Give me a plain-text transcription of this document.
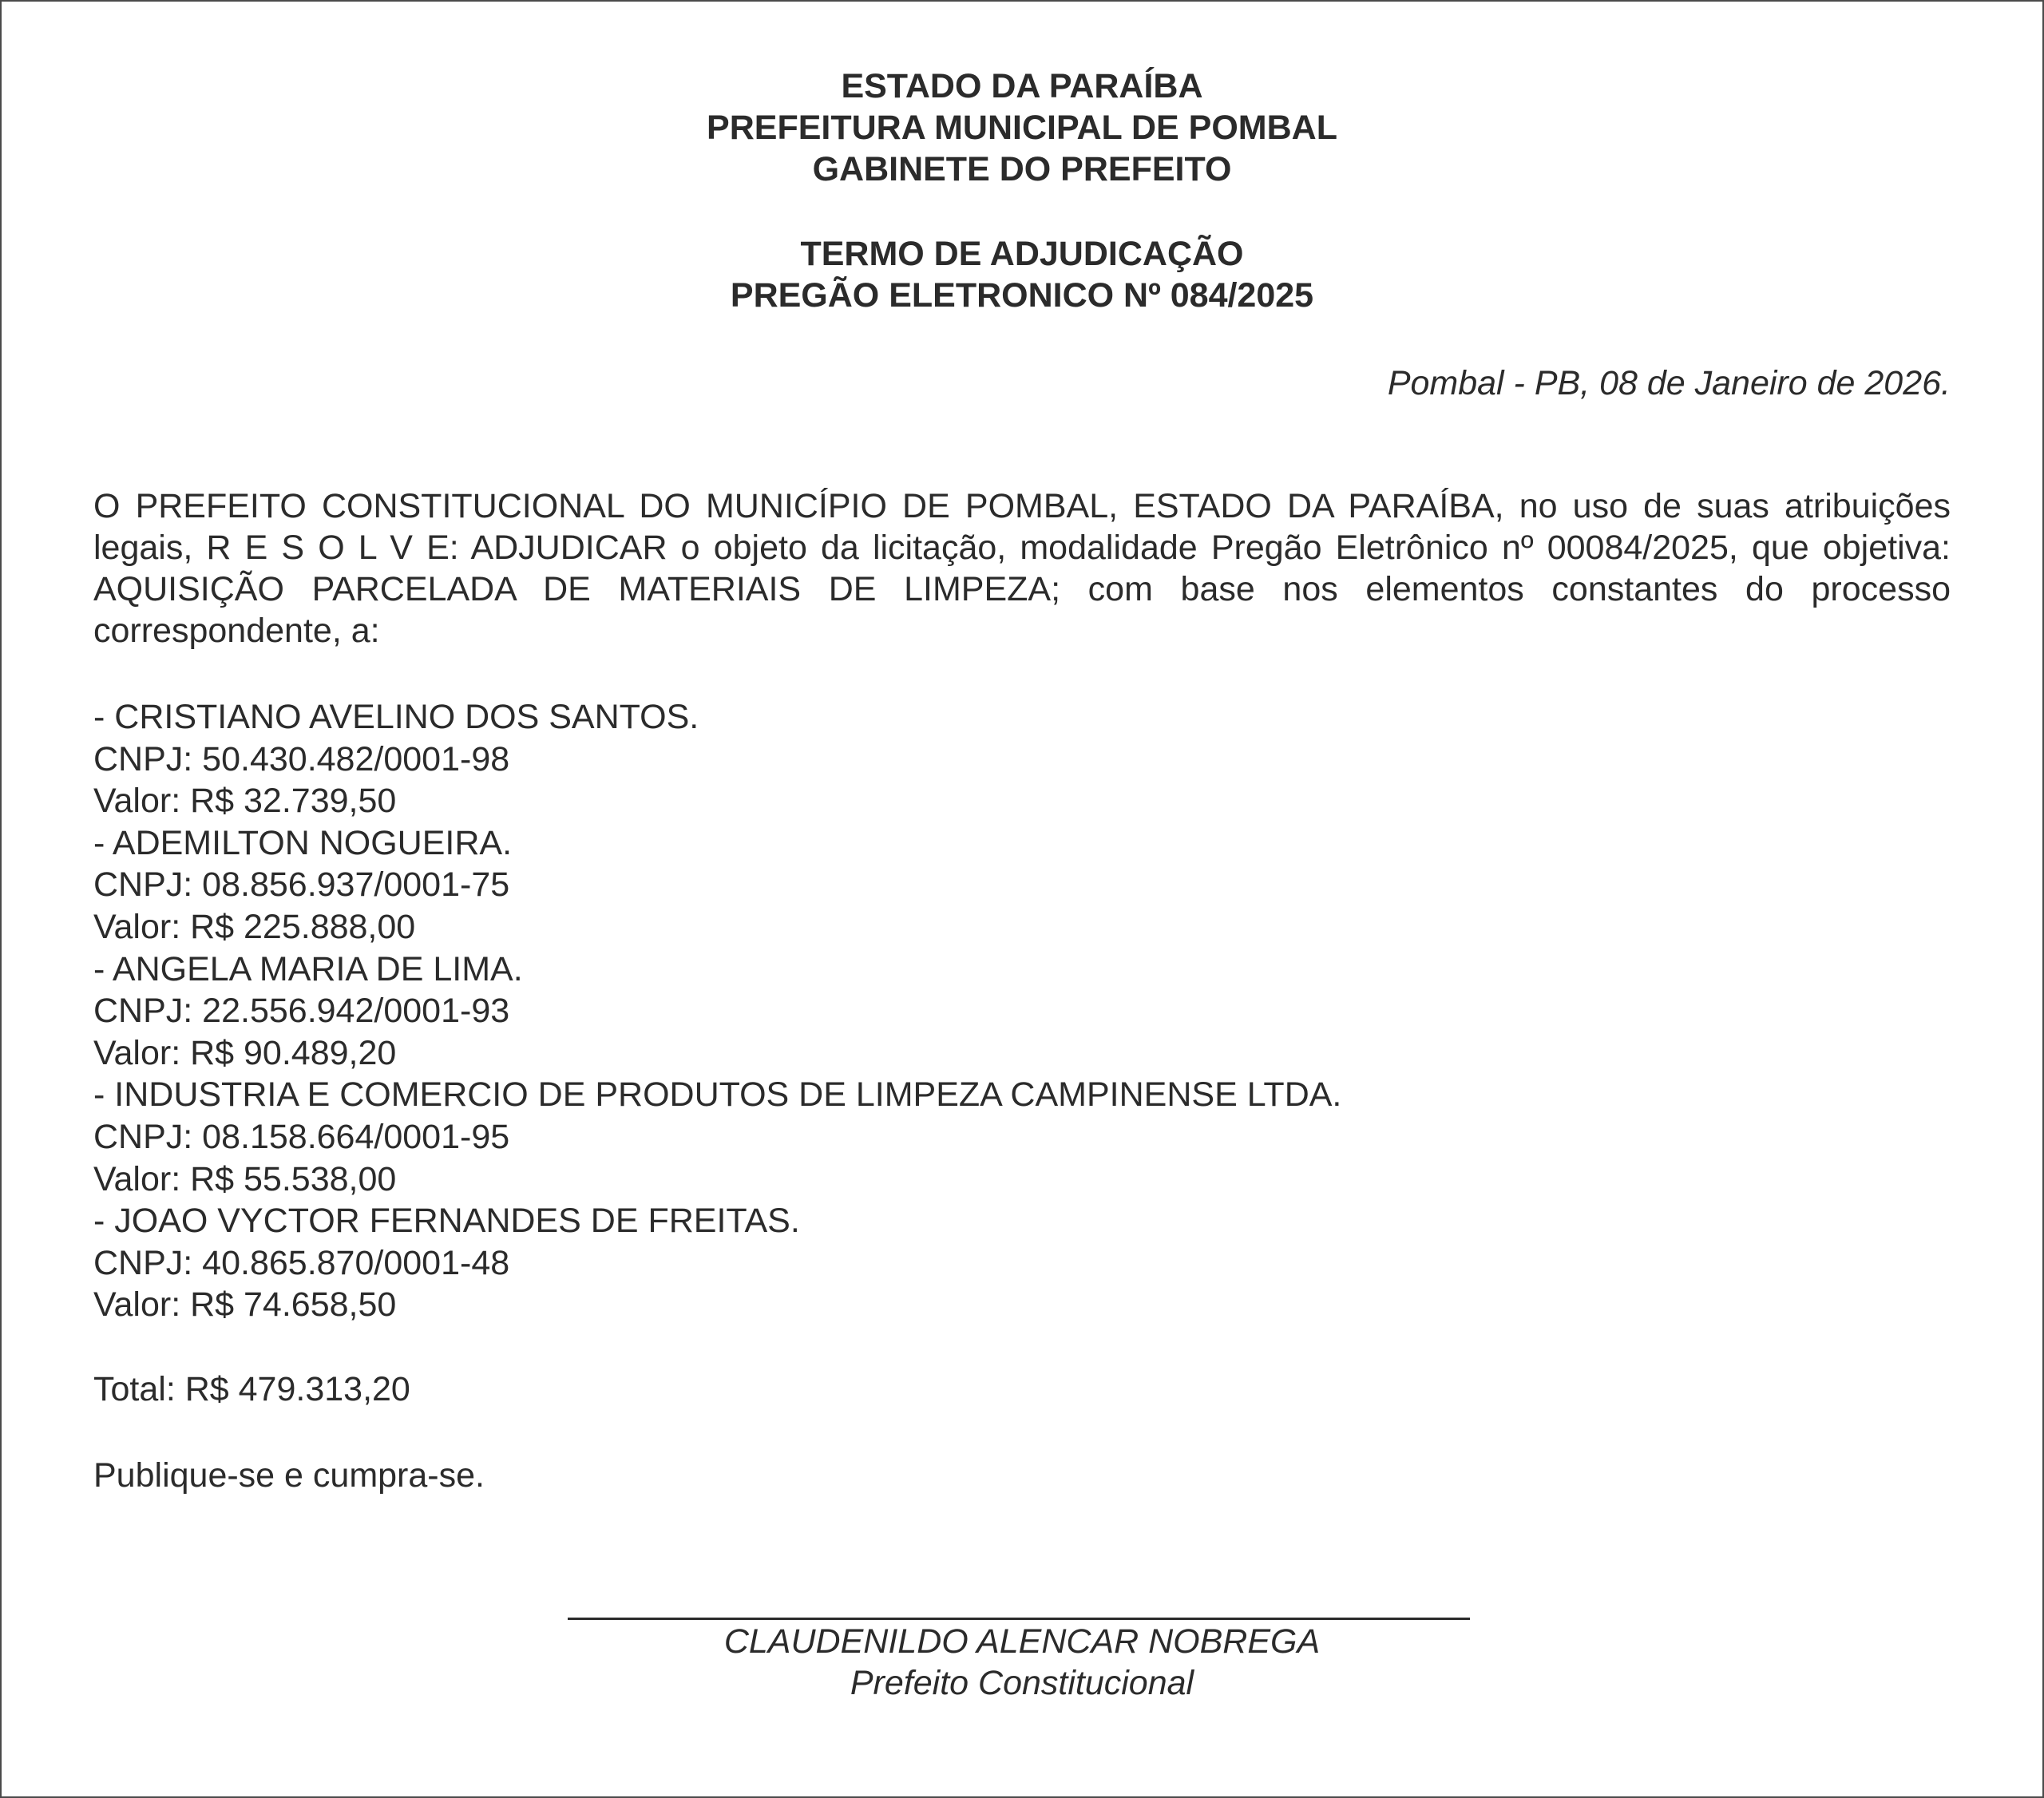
ESTADO DA PARAÍBA
PREFEITURA MUNICIPAL DE POMBAL
GABINETE DO PREFEITO
TERMO DE ADJUDICAÇÃO
PREGÃO ELETRONICO Nº 084/2025
Pombal - PB, 08 de Janeiro de 2026.
O PREFEITO CONSTITUCIONAL DO MUNICÍPIO DE POMBAL, ESTADO DA PARAÍBA, no uso de suas atribuições legais, R E S O L V E: ADJUDICAR o objeto da licitação, modalidade Pregão Eletrônico nº 00084/2025, que objetiva: AQUISIÇÃO PARCELADA DE MATERIAIS DE LIMPEZA; com base nos elementos constantes do processo correspondente, a:
- CRISTIANO AVELINO DOS SANTOS.
CNPJ: 50.430.482/0001-98
Valor: R$ 32.739,50
- ADEMILTON NOGUEIRA.
CNPJ: 08.856.937/0001-75
Valor: R$ 225.888,00
- ANGELA MARIA DE LIMA.
CNPJ: 22.556.942/0001-93
Valor: R$ 90.489,20
- INDUSTRIA E COMERCIO DE PRODUTOS DE LIMPEZA CAMPINENSE LTDA.
CNPJ: 08.158.664/0001-95
Valor: R$ 55.538,00
- JOAO VYCTOR FERNANDES DE FREITAS.
CNPJ: 40.865.870/0001-48
Valor: R$ 74.658,50
Total: R$ 479.313,20
Publique-se e cumpra-se.
CLAUDENILDO ALENCAR NOBREGA
Prefeito Constitucional
